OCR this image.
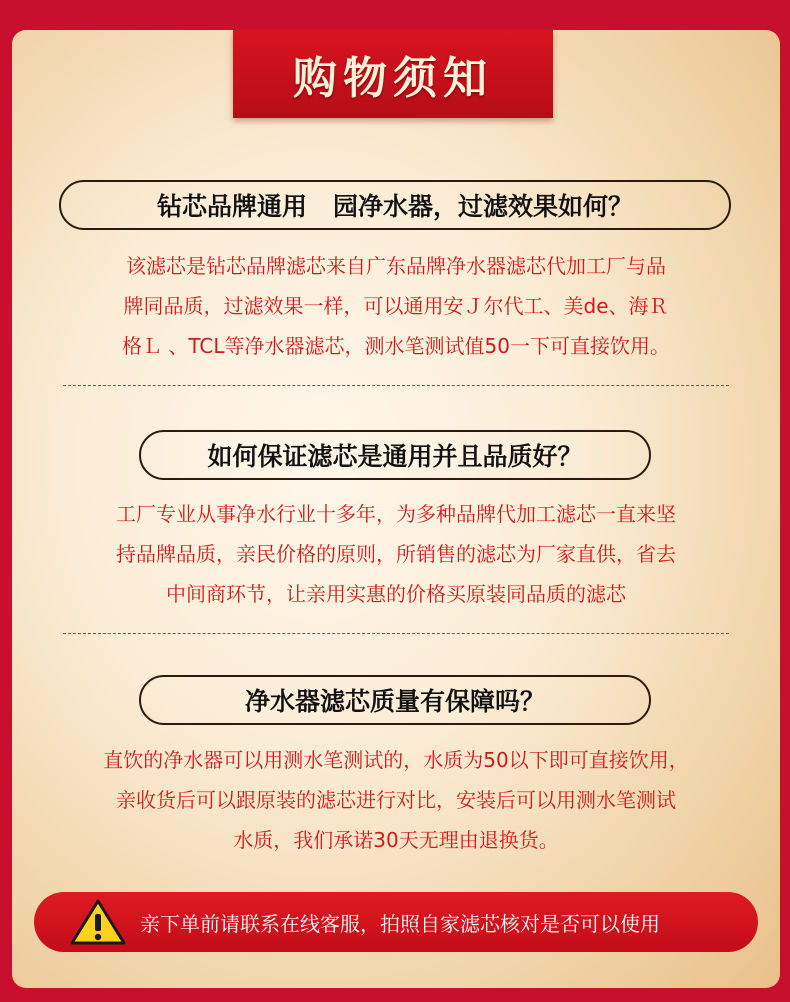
购物须知
钻芯品牌通用   园净水器，过滤效果如何？
该滤芯是钻芯品牌滤芯来自广东品牌净水器滤芯代加工厂与品
牌同品质，过滤效果一样，可以通用安Ｊ尔代工、美de、海Ｒ
格Ｌ 、TCL等净水器滤芯，测水笔测试值50一下可直接饮用。
如何保证滤芯是通用并且品质好？
工厂专业从事净水行业十多年，为多种品牌代加工滤芯一直来坚
持品牌品质，亲民价格的原则，所销售的滤芯为厂家直供，省去
中间商环节，让亲用实惠的价格买原装同品质的滤芯
净水器滤芯质量有保障吗？
直饮的净水器可以用测水笔测试的，水质为50以下即可直接饮用，
亲收货后可以跟原装的滤芯进行对比，安装后可以用测水笔测试
水质，我们承诺30天无理由退换货。
亲下单前请联系在线客服，拍照自家滤芯核对是否可以使用
